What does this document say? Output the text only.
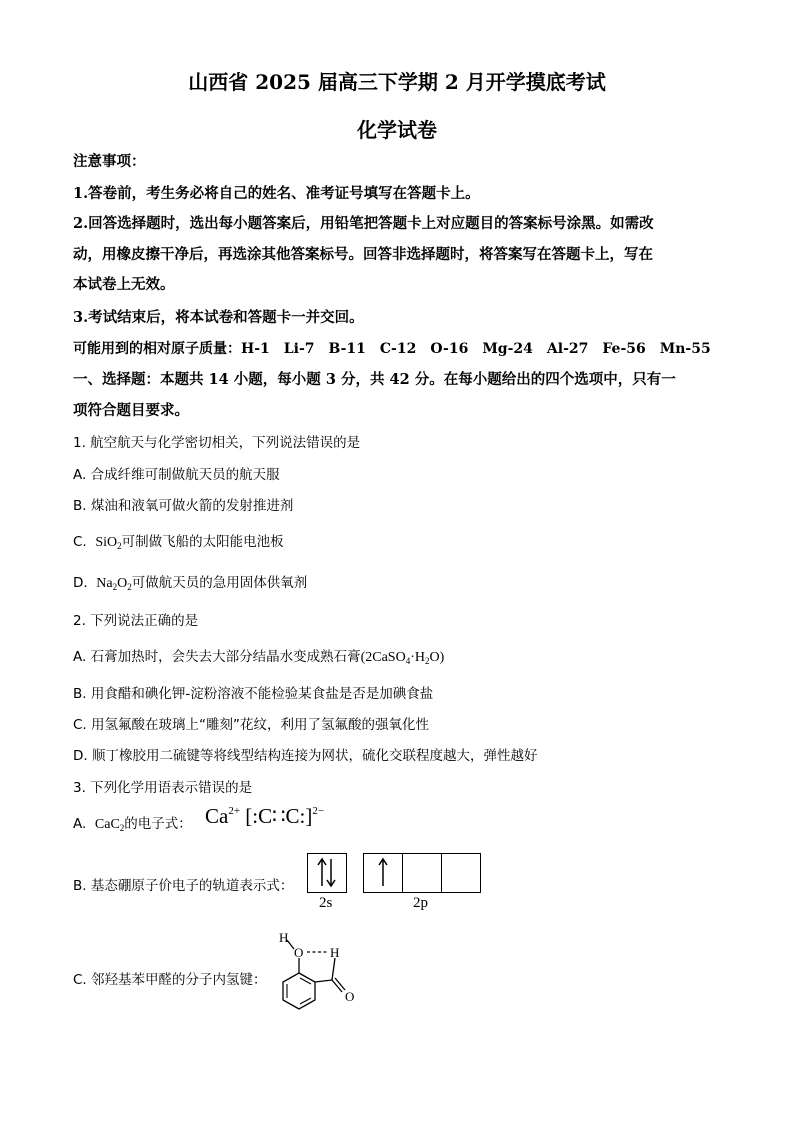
山西省 2025 届高三下学期 2 月开学摸底考试
化学试卷
注意事项：
1.答卷前，考生务必将自己的姓名、准考证号填写在答题卡上。
2.回答选择题时，选出每小题答案后，用铅笔把答题卡上对应题目的答案标号涂黑。如需改
动，用橡皮擦干净后，再选涂其他答案标号。回答非选择题时，将答案写在答题卡上，写在
本试卷上无效。
3.考试结束后，将本试卷和答题卡一并交回。
可能用到的相对原子质量：H-1　Li-7　B-11　C-12　O-16　Mg-24　Al-27　Fe-56　Mn-55
一、选择题：本题共 14 小题，每小题 3 分，共 42 分。在每小题给出的四个选项中，只有一
项符合题目要求。
1. 航空航天与化学密切相关，下列说法错误的是
A. 合成纤维可制做航天员的航天服
B. 煤油和液氧可做火箭的发射推进剂
C. SiO$_2$可制做飞船的太阳能电池板
D. $Na_2O_2$可做航天员的急用固体供氧剂
2. 下列说法正确的是
A. 石膏加热时，会失去大部分结晶水变成熟石膏$(2CaSO_4\cdot H_2O)$
B. 用食醋和碘化钾-淀粉溶液不能检验某食盐是否是加碘食盐
C. 用氢氟酸在玻璃上“雕刻”花纹，利用了氢氟酸的强氧化性
D. 顺丁橡胶用二硫键等将线型结构连接为网状，硫化交联程度越大，弹性越好
3. 下列化学用语表示错误的是
A. CaC$_2$的电子式： $Ca^{2+}$ [:C∷C:]$^{2-}$
B. 基态硼原子价电子的轨道表示式：
2s	2p
C. 邻羟基苯甲醛的分子内氢键：
H
O H
O
